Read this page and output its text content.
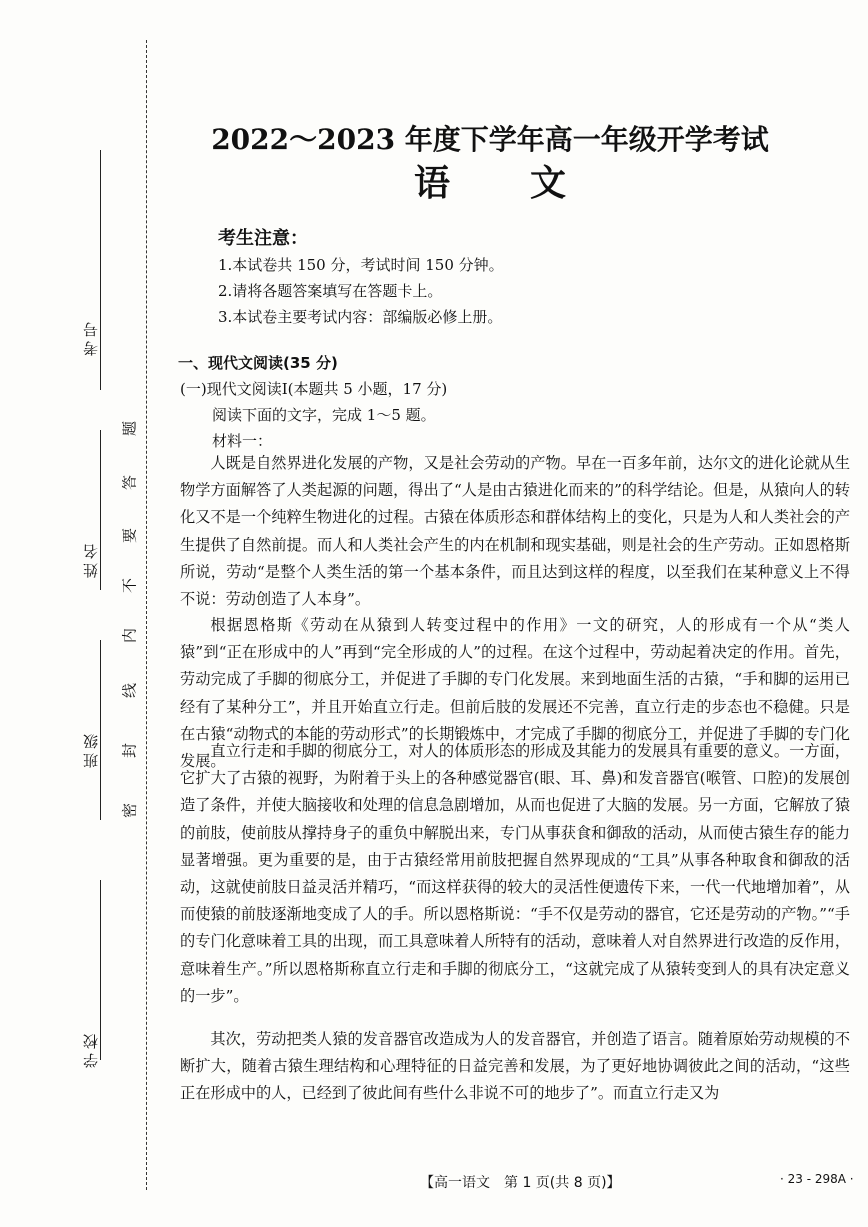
考号
姓名
班级
学校
密
封
线
内
不
要
答
题
2022～2023 年度下学年高一年级开学考试
语文
考生注意：
1.本试卷共 150 分，考试时间 150 分钟。
2.请将各题答案填写在答题卡上。
3.本试卷主要考试内容：部编版必修上册。
一、现代文阅读(35 分)
(一)现代文阅读Ⅰ(本题共 5 小题，17 分)
阅读下面的文字，完成 1～5 题。
材料一：

人既是自然界进化发展的产物，又是社会劳动的产物。早在一百多年前，达尔文的进化论就从生物学方面解答了人类起源的问题，得出了“人是由古猿进化而来的”的科学结论。但是，从猿向人的转化又不是一个纯粹生物进化的过程。古猿在体质形态和群体结构上的变化，只是为人和人类社会的产生提供了自然前提。而人和人类社会产生的内在机制和现实基础，则是社会的生产劳动。正如恩格斯所说，劳动“是整个人类生活的第一个基本条件，而且达到这样的程度，以至我们在某种意义上不得不说：劳动创造了人本身”。

根据恩格斯《劳动在从猿到人转变过程中的作用》一文的研究，人的形成有一个从“类人猿”到“正在形成中的人”再到“完全形成的人”的过程。在这个过程中，劳动起着决定的作用。首先，劳动完成了手脚的彻底分工，并促进了手脚的专门化发展。来到地面生活的古猿，“手和脚的运用已经有了某种分工”，并且开始直立行走。但前后肢的发展还不完善，直立行走的步态也不稳健。只是在古猿“动物式的本能的劳动形式”的长期锻炼中，才完成了手脚的彻底分工，并促进了手脚的专门化发展。

直立行走和手脚的彻底分工，对人的体质形态的形成及其能力的发展具有重要的意义。一方面，它扩大了古猿的视野，为附着于头上的各种感觉器官(眼、耳、鼻)和发音器官(喉管、口腔)的发展创造了条件，并使大脑接收和处理的信息急剧增加，从而也促进了大脑的发展。另一方面，它解放了猿的前肢，使前肢从撑持身子的重负中解脱出来，专门从事获食和御敌的活动，从而使古猿生存的能力显著增强。更为重要的是，由于古猿经常用前肢把握自然界现成的“工具”从事各种取食和御敌的活动，这就使前肢日益灵活并精巧，“而这样获得的较大的灵活性便遗传下来，一代一代地增加着”，从而使猿的前肢逐渐地变成了人的手。所以恩格斯说：“手不仅是劳动的器官，它还是劳动的产物。”“手的专门化意味着工具的出现，而工具意味着人所特有的活动，意味着人对自然界进行改造的反作用，意味着生产。”所以恩格斯称直立行走和手脚的彻底分工，“这就完成了从猿转变到人的具有决定意义的一步”。

其次，劳动把类人猿的发音器官改造成为人的发音器官，并创造了语言。随着原始劳动规模的不断扩大，随着古猿生理结构和心理特征的日益完善和发展，为了更好地协调彼此之间的活动，“这些正在形成中的人，已经到了彼此间有些什么非说不可的地步了”。而直立行走又为

【高一语文　第 1 页(共 8 页)】	· 23 - 298A ·
